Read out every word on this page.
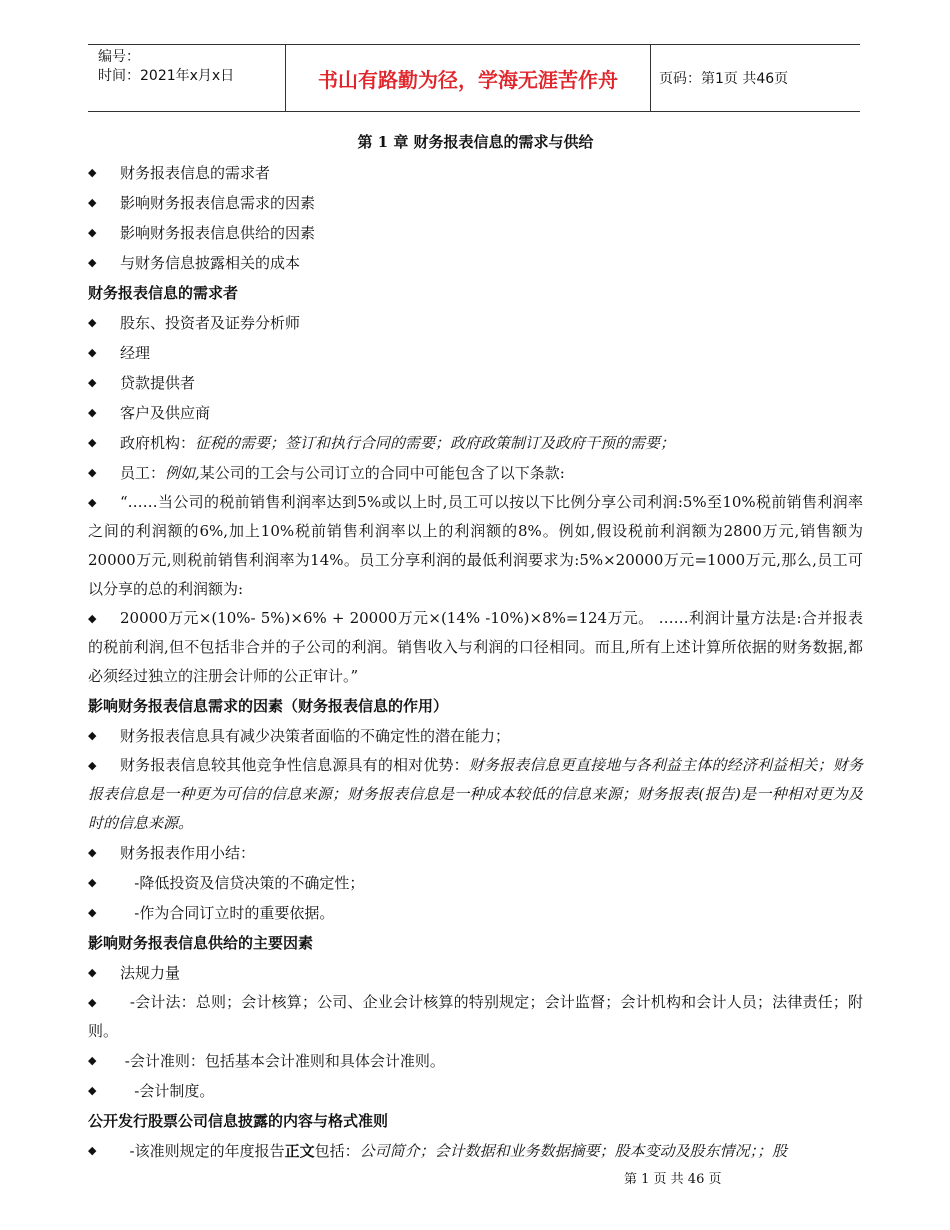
编号：
时间：2021年x月x日	书山有路勤为径，学海无涯苦作舟	页码：第1页 共46页
第 1 章 财务报表信息的需求与供给
◆	财务报表信息的需求者
◆	影响财务报表信息需求的因素
◆	影响财务报表信息供给的因素
◆	与财务信息披露相关的成本
财务报表信息的需求者
◆	股东、投资者及证券分析师
◆	经理
◆	贷款提供者
◆	客户及供应商
◆	政府机构：征税的需要；签订和执行合同的需要；政府政策制订及政府干预的需要；
◆	员工：例如,某公司的工会与公司订立的合同中可能包含了以下条款:
◆	“……当公司的税前销售利润率达到5%或以上时,员工可以按以下比例分享公司利润:5%至10%税前销售利润率之间的利润额的6%,加上10%税前销售利润率以上的利润额的8%。例如,假设税前利润额为2800万元,销售额为20000万元,则税前销售利润率为14%。员工分享利润的最低利润要求为:5%×20000万元=1000万元,那么,员工可以分享的总的利润额为:
◆	20000万元×(10%- 5%)×6% + 20000万元×(14% -10%)×8%=124万元。 ……利润计量方法是:合并报表的税前利润,但不包括非合并的子公司的利润。销售收入与利润的口径相同。而且,所有上述计算所依据的财务数据,都必须经过独立的注册会计师的公正审计。”
影响财务报表信息需求的因素（财务报表信息的作用）
◆	财务报表信息具有减少决策者面临的不确定性的潜在能力；
◆	财务报表信息较其他竞争性信息源具有的相对优势：财务报表信息更直接地与各利益主体的经济利益相关；财务报表信息是一种更为可信的信息来源；财务报表信息是一种成本较低的信息来源；财务报表(报告)是一种相对更为及时的信息来源。
◆	财务报表作用小结：
◆	-降低投资及信贷决策的不确定性；
◆	-作为合同订立时的重要依据。
影响财务报表信息供给的主要因素
◆	法规力量
◆	-会计法：总则；会计核算；公司、企业会计核算的特别规定；会计监督；会计机构和会计人员；法律责任；附则。
◆	-会计准则：包括基本会计准则和具体会计准则。
◆	-会计制度。
公开发行股票公司信息披露的内容与格式准则
◆	-该准则规定的年度报告正文包括：公司简介；会计数据和业务数据摘要；股本变动及股东情况；；股
第 1 页 共 46 页
